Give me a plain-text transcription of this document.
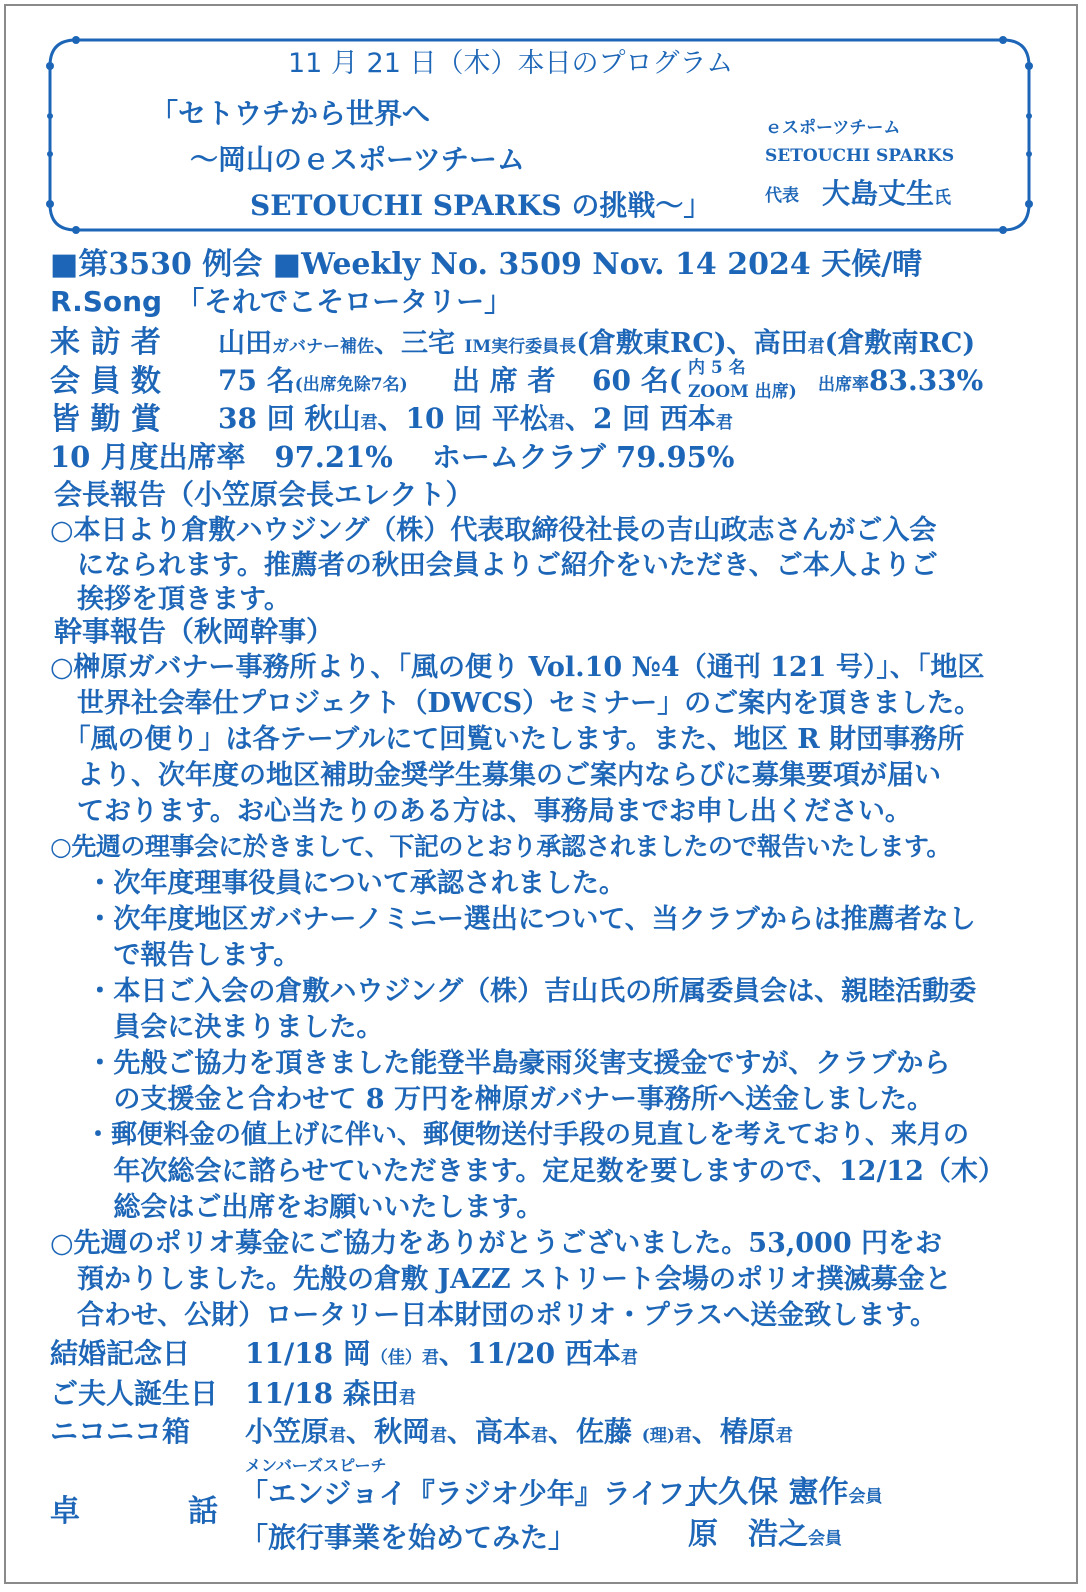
11 月 21 日（木）本日のプログラム
「セトウチから世界へ
～岡山のｅスポーツチーム
SETOUCHI SPARKS の挑戦～」
ｅスポーツチーム
SETOUCHI SPARKS
代表 大島丈生氏
■第3530 例会 ■Weekly No. 3509 Nov. 14 2024 天候/晴
R.Song　 「それでこそロータリー」
来 訪 者 山田ガバナー補佐、三宅 IM実行委員長(倉敷東RC)、高田君(倉敷南RC)
会 員 数 75 名(出席免除7名) 出 席 者 60 名( 内 5 名
ZOOM 出席) 出席率83.33%
皆 勤 賞 38 回 秋山君、10 回 平松君、2 回 西本君
10 月度出席率　97.21%　 ホームクラブ 79.95%
会長報告（小笠原会長エレクト）
○本日より倉敷ハウジング（株）代表取締役社長の吉山政志さんがご入会
　になられます。推薦者の秋田会員よりご紹介をいただき、ご本人よりご
　挨拶を頂きます。
幹事報告（秋岡幹事）
○榊原ガバナー事務所より、「風の便り Vol.10 №4（通刊 121 号）」、「地区
　世界社会奉仕プロジェクト（DWCS）セミナー」のご案内を頂きました。
　「風の便り」は各テーブルにて回覧いたします。また、地区 R 財団事務所
　より、次年度の地区補助金奨学生募集のご案内ならびに募集要項が届い
　ております。お心当たりのある方は、事務局までお申し出ください。
○先週の理事会に於きまして、下記のとおり承認されましたので報告いたします。
　 ・次年度理事役員について承認されました。
　 ・次年度地区ガバナーノミニー選出について、当クラブからは推薦者なし
　 　で報告します。
　 ・本日ご入会の倉敷ハウジング（株）吉山氏の所属委員会は、親睦活動委
　 　員会に決まりました。
　 ・先般ご協力を頂きました能登半島豪雨災害支援金ですが、クラブから
　 　の支援金と合わせて 8 万円を榊原ガバナー事務所へ送金しました。
　 ・郵便料金の値上げに伴い、郵便物送付手段の見直しを考えており、来月の
　 　年次総会に諮らせていただきます。定足数を要しますので、12/12（木）
　 　総会はご出席をお願いいたします。
○先週のポリオ募金にご協力をありがとうございました。53,000 円をお
　預かりしました。先般の倉敷 JAZZ ストリート会場のポリオ撲滅募金と
　合わせ、公財）ロータリー日本財団のポリオ・プラスへ送金致します。
結婚記念日 11/18 岡（佳）君、11/20 西本君
ご夫人誕生日 11/18 森田君
ニコニコ箱 小笠原君、秋岡君、高本君、佐藤 (理)君、椿原君
メンバーズスピーチ
卓	話
「エンジョイ『ラジオ少年』ライフ」
大久保 憲作会員
「旅行事業を始めてみた」	原　浩之会員
